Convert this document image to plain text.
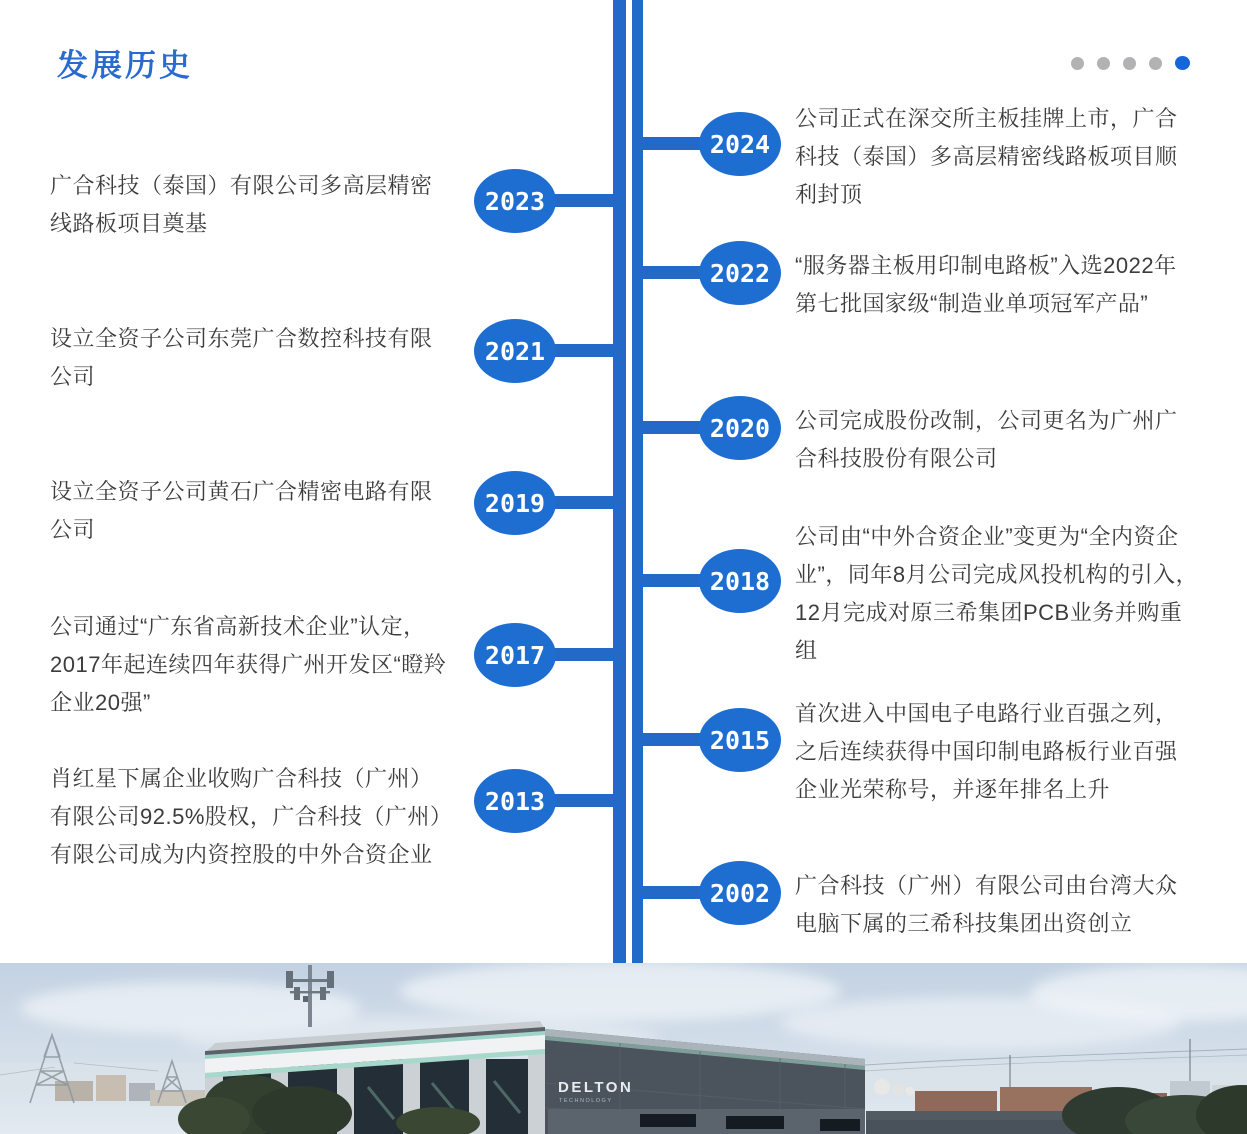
发展历史
2024
公司正式在深交所主板挂牌上市，广合科技（泰国）多高层精密线路板项目顺利封顶
2023
广合科技（泰国）有限公司多高层精密线路板项目奠基
2022 “服务器主板用印制电路板”入选2022年第七批国家级“制造业单项冠军产品”
2021
设立全资子公司东莞广合数控科技有限公司
2020 公司完成股份改制，公司更名为广州广合科技股份有限公司
2019
设立全资子公司黄石广合精密电路有限公司
2018
公司由“中外合资企业”变更为“全内资企业”，同年8月公司完成风投机构的引入，12月完成对原三希集团PCB业务并购重组
2017
公司通过“广东省高新技术企业”认定，2017年起连续四年获得广州开发区“瞪羚企业20强”
2015
首次进入中国电子电路行业百强之列，之后连续获得中国印制电路板行业百强企业光荣称号，并逐年排名上升
2013
肖红星下属企业收购广合科技（广州）有限公司92.5%股权，广合科技（广州）有限公司成为内资控股的中外合资企业
2002 广合科技（广州）有限公司由台湾大众电脑下属的三希科技集团出资创立
DELTON
TECHNOLOGY
